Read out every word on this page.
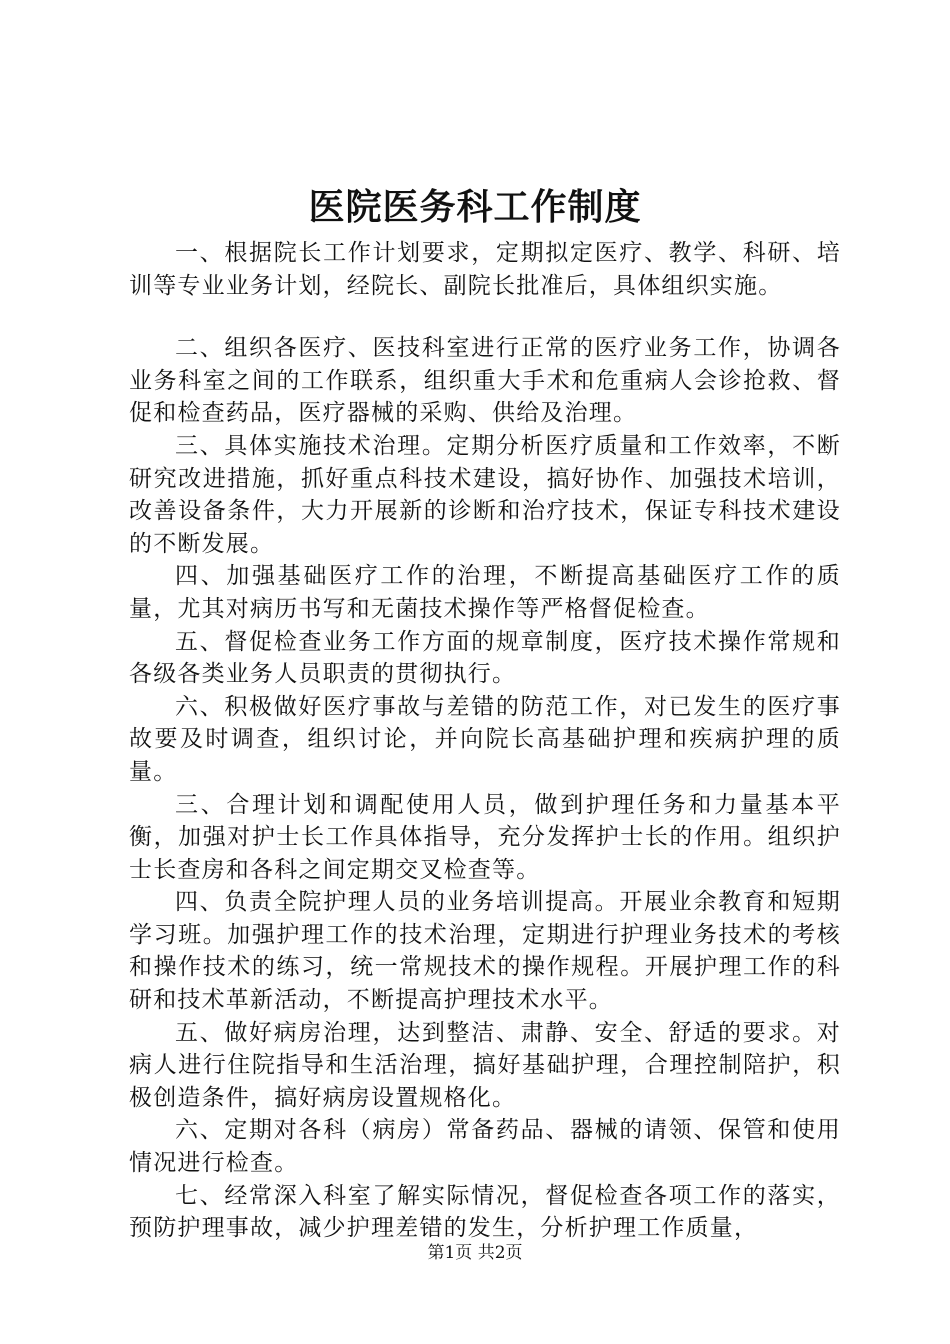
医院医务科工作制度

一、根据院长工作计划要求，定期拟定医疗、教学、科研、培训等专业业务计划，经院长、副院长批准后，具体组织实施。

二、组织各医疗、医技科室进行正常的医疗业务工作，协调各业务科室之间的工作联系，组织重大手术和危重病人会诊抢救、督促和检查药品，医疗器械的采购、供给及治理。

三、具体实施技术治理。定期分析医疗质量和工作效率，不断研究改进措施，抓好重点科技术建设，搞好协作、加强技术培训，改善设备条件，大力开展新的诊断和治疗技术，保证专科技术建设的不断发展。

四、加强基础医疗工作的治理，不断提高基础医疗工作的质量，尤其对病历书写和无菌技术操作等严格督促检查。

五、督促检查业务工作方面的规章制度，医疗技术操作常规和各级各类业务人员职责的贯彻执行。

六、积极做好医疗事故与差错的防范工作，对已发生的医疗事故要及时调查，组织讨论，并向院长高基础护理和疾病护理的质量。

三、合理计划和调配使用人员，做到护理任务和力量基本平衡，加强对护士长工作具体指导，充分发挥护士长的作用。组织护士长查房和各科之间定期交叉检查等。

四、负责全院护理人员的业务培训提高。开展业余教育和短期学习班。加强护理工作的技术治理，定期进行护理业务技术的考核和操作技术的练习，统一常规技术的操作规程。开展护理工作的科研和技术革新活动，不断提高护理技术水平。

五、做好病房治理，达到整洁、肃静、安全、舒适的要求。对病人进行住院指导和生活治理，搞好基础护理，合理控制陪护，积极创造条件，搞好病房设置规格化。

六、定期对各科（病房）常备药品、器械的请领、保管和使用情况进行检查。

七、经常深入科室了解实际情况，督促检查各项工作的落实，预防护理事故，减少护理差错的发生，分析护理工作质量，

第1页 共2页
